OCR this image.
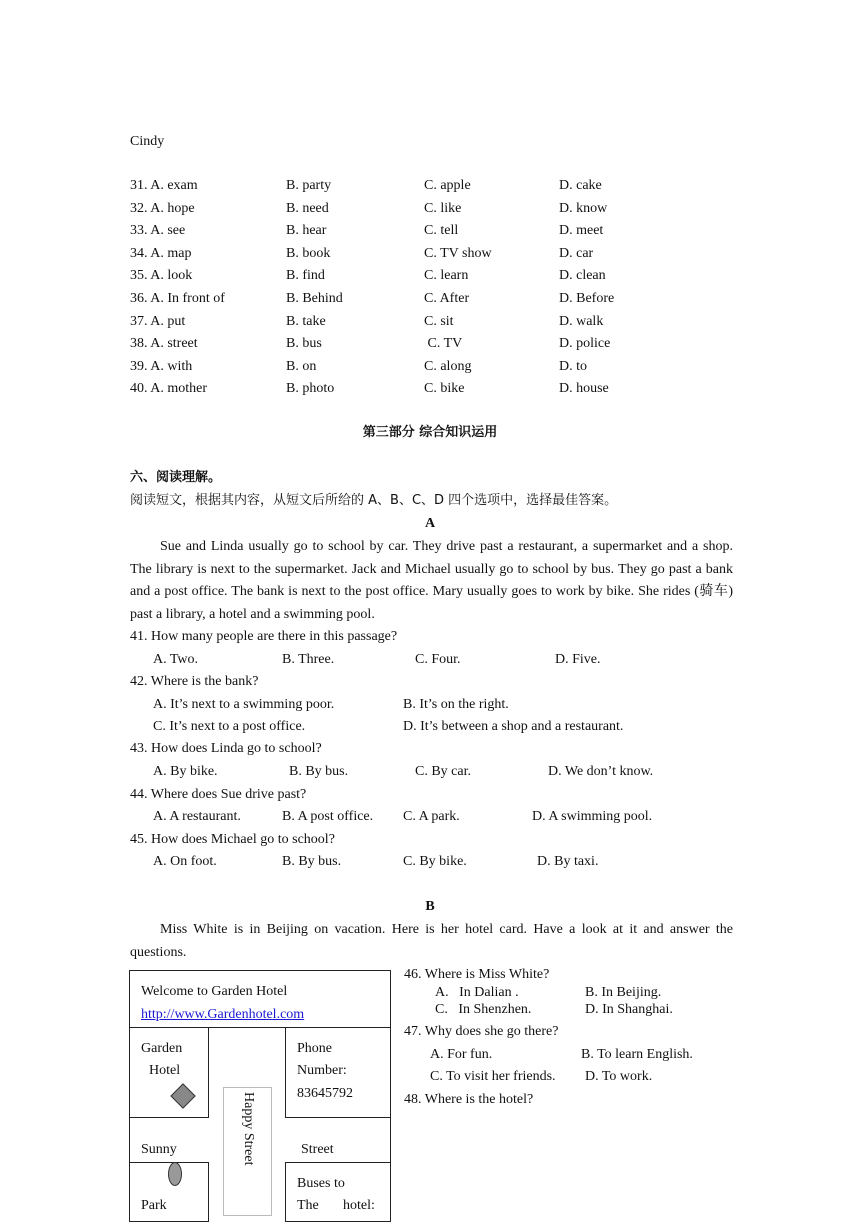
Cindy
31. A. exam	B. party	C. apple	D. cake
32. A. hope	B. need	C. like	D. know
33. A. see	B. hear	C. tell	D. meet
34. A. map	B. book	C. TV show	D. car
35. A. look	B. find	C. learn	D. clean
36. A. In front of	B. Behind	C. After	D. Before
37. A. put	B. take	C. sit	D. walk
38. A. street	B. bus	C. TV	D. police
39. A. with	B. on	C. along	D. to
40. A. mother	B. photo	C. bike	D. house
第三部分 综合知识运用
六、阅读理解。
阅读短文，根据其内容，从短文后所给的 A、B、C、D 四个选项中，选择最佳答案。
A
Sue and Linda usually go to school by car. They drive past a restaurant, a supermarket and a shop. The library is next to the supermarket. Jack and Michael usually go to school by bus. They go past a bank and a post office. The bank is next to the post office. Mary usually goes to work by bike. She rides (骑车) past a library, a hotel and a swimming pool.
41. How many people are there in this passage?
A. Two.	B. Three.	C. Four.	D. Five.
42. Where is the bank?
A. It’s next to a swimming poor.	B. It’s on the right.
C. It’s next to a post office.	D. It’s between a shop and a restaurant.
43. How does Linda go to school?
A. By bike.	B. By bus.	C. By car.	D. We don’t know.
44. Where does Sue drive past?
A. A restaurant.	B. A post office. C. A park.	D. A swimming pool.
45. How does Michael go to school?
A. On foot.	B. By bus.	C. By bike.	D. By taxi.
B
Miss White is in Beijing on vacation. Here is her hotel card. Have a look at it and answer the questions.
Welcome to Garden Hotel
http://www.Gardenhotel.com
Garden
Hotel
Phone
Number:
83645792
Happy Street
Sunny	Street
Park
Buses to
The hotel:
46. Where is Miss White?
A.   In Dalian .	B. In Beijing.
C.   In Shenzhen.	D. In Shanghai.
47. Why does she go there?
A. For fun.	B. To learn English.
C. To visit her friends. D. To work.
48. Where is the hotel?
